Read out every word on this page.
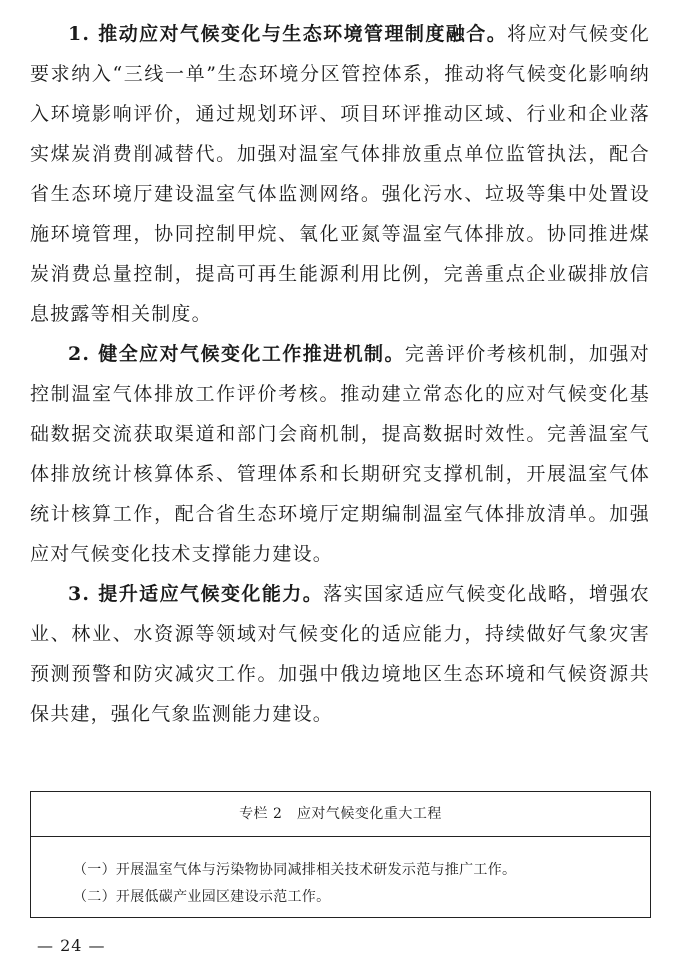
1. 推动应对气候变化与生态环境管理制度融合。将应对气候变化要求纳入“三线一单”生态环境分区管控体系，推动将气候变化影响纳入环境影响评价，通过规划环评、项目环评推动区域、行业和企业落实煤炭消费削减替代。加强对温室气体排放重点单位监管执法，配合省生态环境厅建设温室气体监测网络。强化污水、垃圾等集中处置设施环境管理，协同控制甲烷、氧化亚氮等温室气体排放。协同推进煤炭消费总量控制，提高可再生能源利用比例，完善重点企业碳排放信息披露等相关制度。

2. 健全应对气候变化工作推进机制。完善评价考核机制，加强对控制温室气体排放工作评价考核。推动建立常态化的应对气候变化基础数据交流获取渠道和部门会商机制，提高数据时效性。完善温室气体排放统计核算体系、管理体系和长期研究支撑机制，开展温室气体统计核算工作，配合省生态环境厅定期编制温室气体排放清单。加强应对气候变化技术支撑能力建设。

3. 提升适应气候变化能力。落实国家适应气候变化战略，增强农业、林业、水资源等领域对气候变化的适应能力，持续做好气象灾害预测预警和防灾减灾工作。加强中俄边境地区生态环境和气候资源共保共建，强化气象监测能力建设。

专栏 2　应对气候变化重大工程
（一）开展温室气体与污染物协同减排相关技术研发示范与推广工作。
（二）开展低碳产业园区建设示范工作。
— 24 —
